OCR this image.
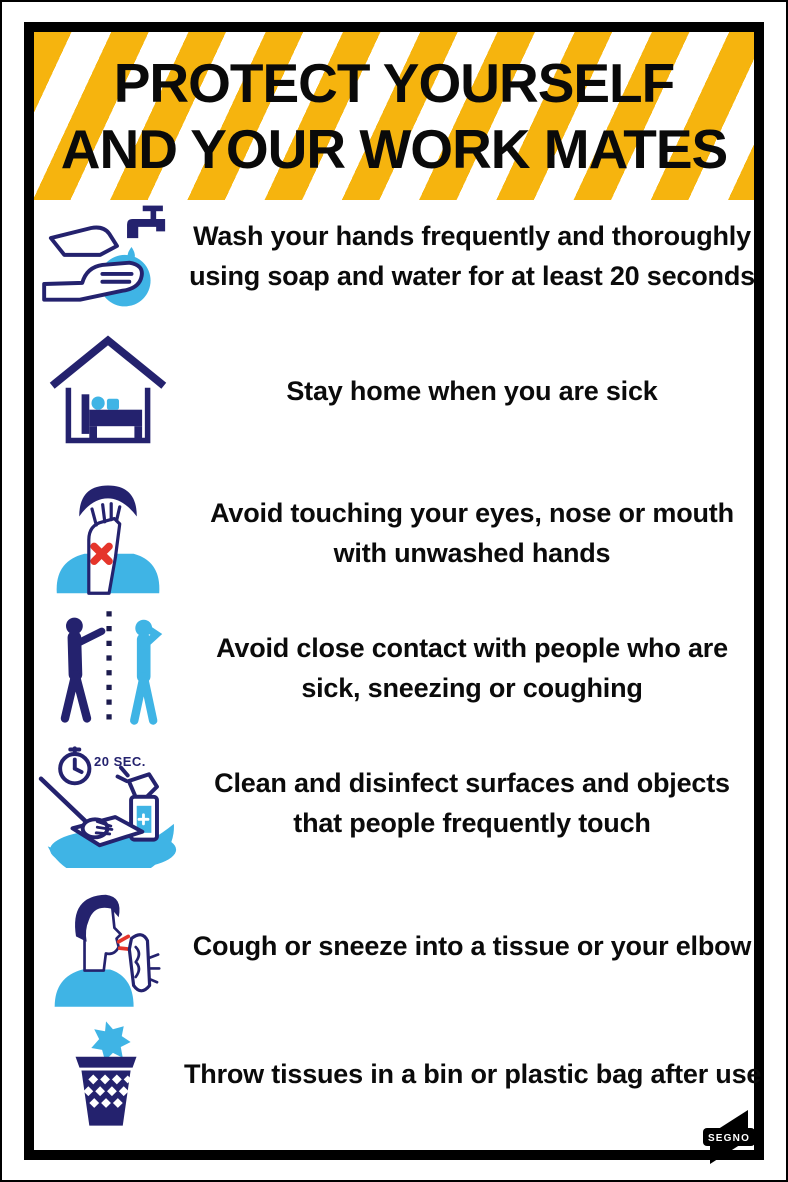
PROTECT YOURSELF
AND YOUR WORK MATES
Wash your hands frequently and thoroughly using soap and water for at least 20 seconds
Stay home when you are sick
Avoid touching your eyes, nose or mouth with unwashed hands
Avoid close contact with people who are sick, sneezing or coughing
20 SEC.
Clean and disinfect surfaces and objects that people frequently touch
Cough or sneeze into a tissue or your elbow
Throw tissues in a bin or plastic bag after use
SEGNO
